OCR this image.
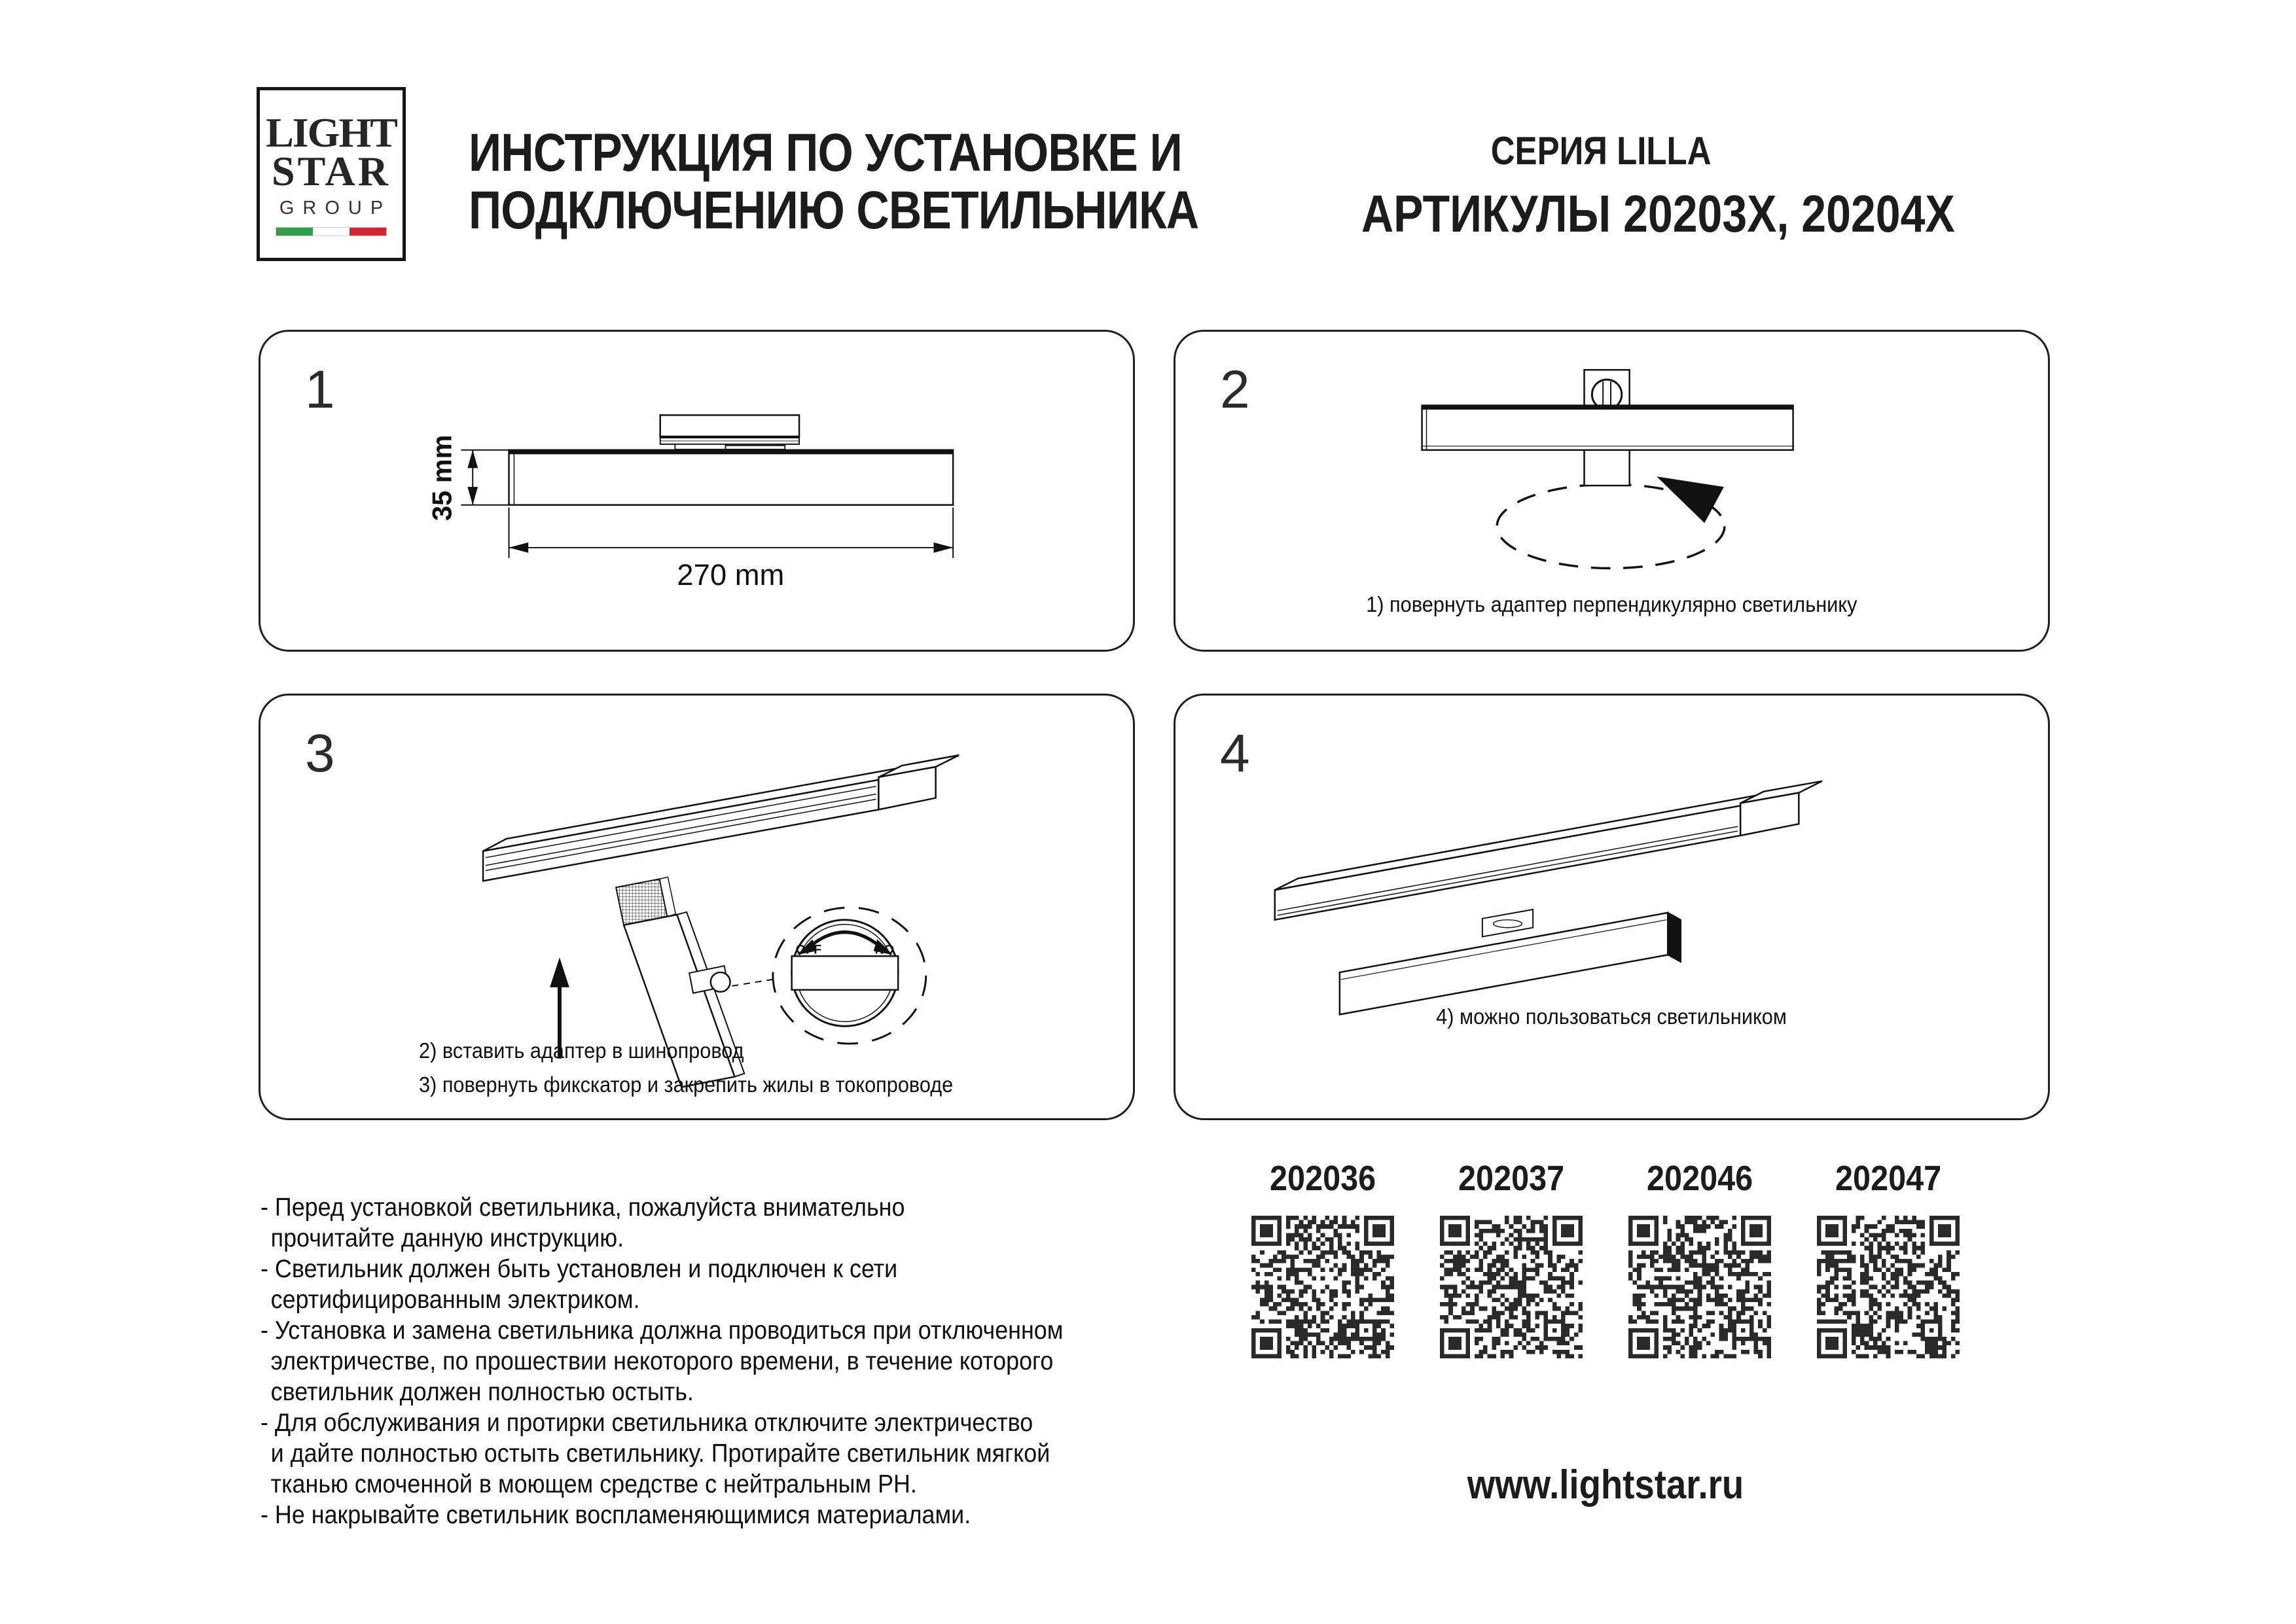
LIGHT
STAR
GROUP
ИНСТРУКЦИЯ ПО УСТАНОВКЕ И
ПОДКЛЮЧЕНИЮ СВЕТИЛЬНИКА
СЕРИЯ LILLA
АРТИКУЛЫ 20203X, 20204X
1
35 mm
270 mm
2
1) повернуть адаптер перпендикулярно светильнику
3
OFF	NO
2) вставить адаптер в шинопровод
3) повернуть фикскатор и закрепить жилы в токопроводе
4
4) можно пользоваться светильником
- Перед установкой светильника, пожалуйста внимательно
прочитайте данную инструкцию.
- Светильник должен быть установлен и подключен к сети
сертифицированным электриком.
- Установка и замена светильника должна проводиться при отключенном
электричестве, по прошествии некоторого времени, в течение которого
светильник должен полностью остыть.
- Для обслуживания и протирки светильника отключите электричество
и дайте полностью остыть светильнику. Протирайте светильник мягкой
тканью смоченной в моющем средстве с нейтральным PH.
- Не накрывайте светильник воспламеняющимися материалами.
202036	202037	202046	202047
www.lightstar.ru
